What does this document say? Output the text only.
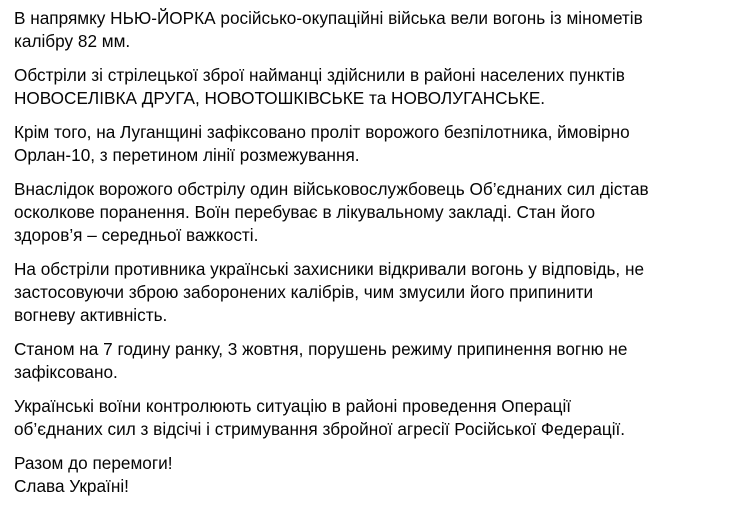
В напрямку НЬЮ-ЙОРКА російсько-окупаційні війська вели вогонь із мінометів
калібру 82 мм.
Обстріли зі стрілецької зброї найманці здійснили в районі населених пунктів
НОВОСЕЛІВКА ДРУГА, НОВОТОШКІВСЬКЕ та НОВОЛУГАНСЬКЕ.
Крім того, на Луганщині зафіксовано проліт ворожого безпілотника, ймовірно
Орлан-10, з перетином лінії розмежування.
Внаслідок ворожого обстрілу один військовослужбовець Об’єднаних сил дістав
осколкове поранення. Воїн перебуває в лікувальному закладі. Стан його
здоров’я – середньої важкості.
На обстріли противника українські захисники відкривали вогонь у відповідь, не
застосовуючи зброю заборонених калібрів, чим змусили його припинити
вогневу активність.
Станом на 7 годину ранку, 3 жовтня, порушень режиму припинення вогню не
зафіксовано.
Українські воїни контролюють ситуацію в районі проведення Операції
об’єднаних сил з відсічі і стримування збройної агресії Російської Федерації.
Разом до перемоги!
Слава Україні!
